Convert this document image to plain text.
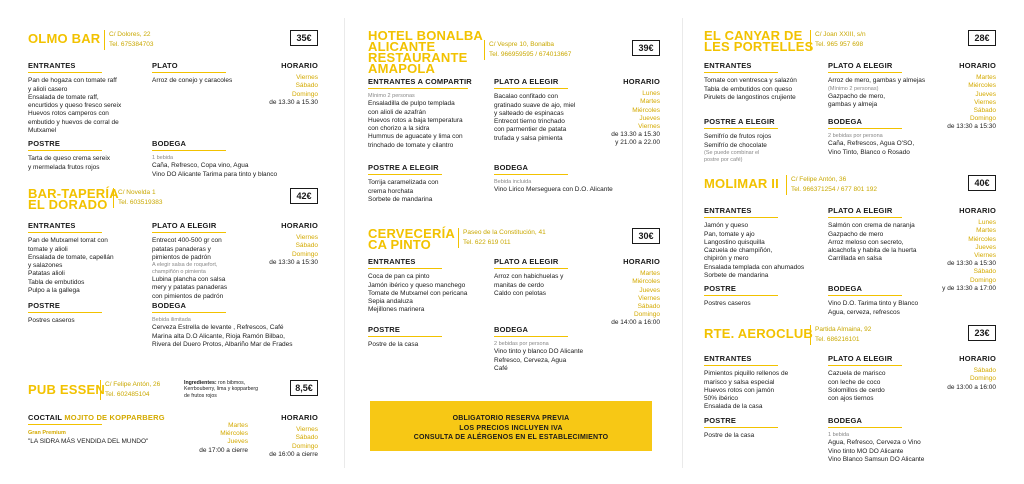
OLMO BAR C/ Dolores, 22
Tel. 675384703
35€
ENTRANTES
Pan de hogaza con tomate raff
y alioli casero
Ensalada de tomate raff,
encurtidos y queso fresco sereix
Huevos rotos camperos con
embutido y huevos de corral de
Mutxamel
PLATO
Arroz de conejo y caracoles
HORARIO
Viernes
Sábado
Domingo
de 13.30 a 15.30
POSTRE
Tarta de queso crema sereix
y mermelada frutos rojos
BODEGA
1 bebida
Caña, Refresco, Copa vino, Agua
Vino DO Alicante Tarima para tinto y blanco
BAR-TAPERÍA
EL DORADO
C/ Novelda 1
Tel. 603519383
42€
ENTRANTES
Pan de Mutxamel torrat con
tomate y alioli
Ensalada de tomate, capellán
y salazones
Patatas alioli
Tabla de embutidos
Pulpo a la gallega
PLATO A ELEGIR
Entrecot 400-500 gr con
patatas panaderas y
pimientos de padrón
A elegir salsa de roquefort,
champiñón o pimienta
Lubina plancha con salsa
mery y patatas panaderas
con pimientos de padrón
HORARIO
Viernes
Sábado
Domingo
de 13:30 a 15:30
POSTRE
Postres caseros
BODEGA
Bebida ilimitada
Cerveza Estrella de levante , Refrescos, Café
Marina alta D.O Alicante, Rioja Ramón Bilbao,
Rivera del Duero Protos, Albariño Mar de Frades
PUB ESSEN C/ Felipe Antón, 26
Tel. 602485104
Ingredientes: ron bibmos,
Kerrbouberry, lima y kopparberg
de frutos rojos
8,5€
COCTAIL MOJITO DE KOPPARBERG
Gran Premium
"LA SIDRA MÁS VENDIDA DEL MUNDO"
Martes
Miércoles
Jueves
de 17:00 a cierre
HORARIO
Viernes
Sábado
Domingo
de 16:00 a cierre
HOTEL BONALBA
ALICANTE
RESTAURANTE
AMAPOLA
C/ Vespre 10, Bonalba
Tel. 966959595 / 674013667
39€
ENTRANTES A COMPARTIR
Mínimo 2 personas
Ensaladilla de pulpo templada
con alioli de azafrán
Huevos rotos a baja temperatura
con chorizo a la sidra
Hummus de aguacate y lima con
trinchado de tomate y cilantro
PLATO A ELEGIR
Bacalao confitado con
gratinado suave de ajo, miel
y salteado de espinacas
Entrecot tierno trinchado
con parmentier de patata
trufada y salsa pimienta
HORARIO
Lunes
Martes
Miércoles
Jueves
Viernes
de 13.30 a 15.30
y 21.00 a 22.00
POSTRE A ELEGIR
Torrija caramelizada con
crema horchata
Sorbete de mandarina
BODEGA
Bebida incluida
Vino Lirico Merseguera con D.O. Alicante
CERVECERÍA
CA PINTO
Paseo de la Constitución, 41
Tel. 622 619 011
30€
ENTRANTES
Coca de pan ca pinto
Jamón ibérico y queso manchego
Tomate de Mutxamel con pericana
Sepia andaluza
Mejillones marinera
PLATO A ELEGIR
Arroz con habichuelas y
manitas de cerdo
Caldo con pelotas
HORARIO
Martes
Miércoles
Jueves
Viernes
Sábado
Domingo
de 14:00 a 16:00
POSTRE
Postre de la casa
BODEGA
2 bebidas por persona
Vino tinto y blanco DO Alicante
Refresco, Cerveza, Agua
Café
OBLIGATORIO RESERVA PREVIA
LOS PRECIOS INCLUYEN IVA
CONSULTA DE ALÉRGENOS EN EL ESTABLECIMIENTO
EL CANYAR DE
LES PORTELLES
C/ Joan XXIII, s/n
Tel. 965 957 698
28€
ENTRANTES
Tomate con ventresca y salazón
Tabla de embutidos con queso
Pirulets de langostinos crujiente
PLATO A ELEGIR
Arroz de mero, gambas y almejas
(Mínimo 2 personas)
Gazpacho de mero,
gambas y almeja
HORARIO
Martes
Miércoles
Jueves
Viernes
Sábado
Domingo
de 13:30 a 15:30
POSTRE A ELEGIR
Semifrío de frutos rojos
Semifrío de chocolate
(Se puede combinar el
postre por café)
BODEGA
2 bebidas por persona
Caña, Refrescos, Agua O'SO,
Vino Tinto, Blanco o Rosado
MOLIMAR II C/ Felipe Antón, 36
Tel. 966371254 / 677 801 192
40€
ENTRANTES
Jamón y queso
Pan, tomate y ajo
Langostino quisquilla
Cazuela de champiñón,
chipirón y mero
Ensalada templada con ahumados
Sorbete de mandarina
PLATO A ELEGIR
Salmón con crema de naranja
Gazpacho de mero
Arroz meloso con secreto,
alcachofa y habita de la huerta
Carrillada en salsa
HORARIO
Lunes
Martes
Miércoles
Jueves
Viernes
de 13:30 a 15:30
Sábado
Domingo
y de 13:30 a 17:00
POSTRE
Postres caseros
BODEGA
Vino D.O. Tarima tinto y Blanco
Agua, cerveza, refrescos
RTE. AEROCLUB Partida Almaina, 92
Tel. 686216101
23€
ENTRANTES
Pimientos piquillo rellenos de
marisco y salsa especial
Huevos rotos con jamón
50% ibérico
Ensalada de la casa
PLATO A ELEGIR
Cazuela de marisco
con leche de coco
Solomillos de cerdo
con ajos tiernos
HORARIO
Sábado
Domingo
de 13:00 a 16:00
POSTRE
Postre de la casa
BODEGA
1 bebida
Agua, Refresco, Cerveza o Vino
Vino tinto MO DO Alicante
Vino Blanco Samsun DO Alicante
